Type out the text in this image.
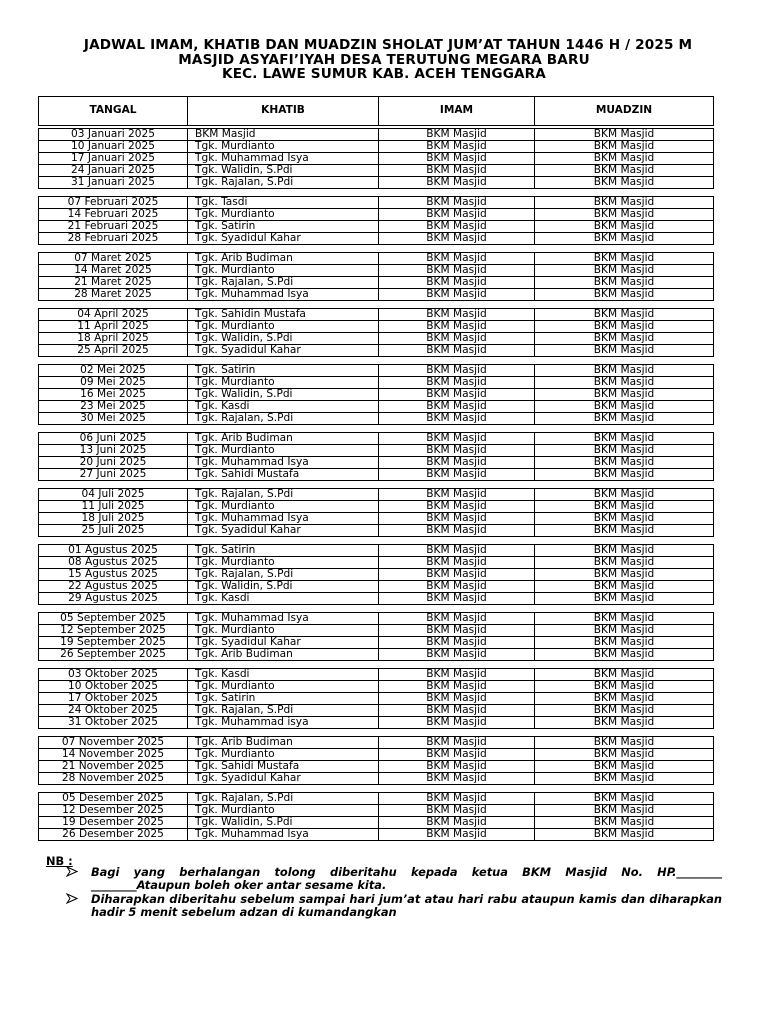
JADWAL IMAM, KHATIB DAN MUADZIN SHOLAT JUM’AT TAHUN 1446 H / 2025 M
MASJID ASYAFI’IYAH DESA TERUTUNG MEGARA BARU
KEC. LAWE SUMUR KAB. ACEH TENGGARA
TANGAL	KHATIB	IMAM	MUADZIN

03 Januari 2025	BKM Masjid	BKM Masjid	BKM Masjid
10 Januari 2025	Tgk. Murdianto	BKM Masjid	BKM Masjid
17 Januari 2025	Tgk. Muhammad Isya	BKM Masjid	BKM Masjid
24 Januari 2025	Tgk. Walidin, S.Pdi	BKM Masjid	BKM Masjid
31 Januari 2025	Tgk. Rajalan, S.Pdi	BKM Masjid	BKM Masjid

07 Februari 2025	Tgk. Tasdi	BKM Masjid	BKM Masjid
14 Februari 2025	Tgk. Murdianto	BKM Masjid	BKM Masjid
21 Februari 2025	Tgk. Satirin	BKM Masjid	BKM Masjid
28 Februari 2025	Tgk. Syadidul Kahar	BKM Masjid	BKM Masjid

07 Maret 2025	Tgk. Arib Budiman	BKM Masjid	BKM Masjid
14 Maret 2025	Tgk. Murdianto	BKM Masjid	BKM Masjid
21 Maret 2025	Tgk. Rajalan, S.Pdi	BKM Masjid	BKM Masjid
28 Maret 2025	Tgk. Muhammad Isya	BKM Masjid	BKM Masjid

04 April 2025	Tgk. Sahidin Mustafa	BKM Masjid	BKM Masjid
11 April 2025	Tgk. Murdianto	BKM Masjid	BKM Masjid
18 April 2025	Tgk. Walidin, S.Pdi	BKM Masjid	BKM Masjid
25 April 2025	Tgk. Syadidul Kahar	BKM Masjid	BKM Masjid

02 Mei 2025	Tgk. Satirin	BKM Masjid	BKM Masjid
09 Mei 2025	Tgk. Murdianto	BKM Masjid	BKM Masjid
16 Mei 2025	Tgk. Walidin, S.Pdi	BKM Masjid	BKM Masjid
23 Mei 2025	Tgk. Kasdi	BKM Masjid	BKM Masjid
30 Mei 2025	Tgk. Rajalan, S.Pdi	BKM Masjid	BKM Masjid

06 Juni 2025	Tgk. Arib Budiman	BKM Masjid	BKM Masjid
13 Juni 2025	Tgk. Murdianto	BKM Masjid	BKM Masjid
20 Juni 2025	Tgk. Muhammad Isya	BKM Masjid	BKM Masjid
27 Juni 2025	Tgk. Sahidi Mustafa	BKM Masjid	BKM Masjid

04 Juli 2025	Tgk. Rajalan, S.Pdi	BKM Masjid	BKM Masjid
11 Juli 2025	Tgk. Murdianto	BKM Masjid	BKM Masjid
18 Juli 2025	Tgk. Muhammad Isya	BKM Masjid	BKM Masjid
25 Juli 2025	Tgk. Syadidul Kahar	BKM Masjid	BKM Masjid

01 Agustus 2025	Tgk. Satirin	BKM Masjid	BKM Masjid
08 Agustus 2025	Tgk. Murdianto	BKM Masjid	BKM Masjid
15 Agustus 2025	Tgk. Rajalan, S.Pdi	BKM Masjid	BKM Masjid
22 Agustus 2025	Tgk. Walidin, S.Pdi	BKM Masjid	BKM Masjid
29 Agustus 2025	Tgk. Kasdi	BKM Masjid	BKM Masjid

05 September 2025	Tgk. Muhammad Isya	BKM Masjid	BKM Masjid
12 September 2025	Tgk. Murdianto	BKM Masjid	BKM Masjid
19 September 2025	Tgk. Syadidul Kahar	BKM Masjid	BKM Masjid
26 September 2025	Tgk. Arib Budiman	BKM Masjid	BKM Masjid

03 Oktober 2025	Tgk. Kasdi	BKM Masjid	BKM Masjid
10 Oktober 2025	Tgk. Murdianto	BKM Masjid	BKM Masjid
17 Oktober 2025	Tgk. Satirin	BKM Masjid	BKM Masjid
24 Oktober 2025	Tgk. Rajalan, S.Pdi	BKM Masjid	BKM Masjid
31 Oktober 2025	Tgk. Muhammad isya	BKM Masjid	BKM Masjid

07 November 2025	Tgk. Arib Budiman	BKM Masjid	BKM Masjid
14 November 2025	Tgk. Murdianto	BKM Masjid	BKM Masjid
21 November 2025	Tgk. Sahidi Mustafa	BKM Masjid	BKM Masjid
28 November 2025	Tgk. Syadidul Kahar	BKM Masjid	BKM Masjid

05 Desember 2025	Tgk. Rajalan, S.Pdi	BKM Masjid	BKM Masjid
12 Desember 2025	Tgk. Murdianto	BKM Masjid	BKM Masjid
19 Desember 2025	Tgk. Walidin, S.Pdi	BKM Masjid	BKM Masjid
26 Desember 2025	Tgk. Muhammad Isya	BKM Masjid	BKM Masjid
NB :
Bagi yang berhalangan tolong diberitahu kepada ketua BKM Masjid No. HP.________ ________Ataupun boleh oker antar sesame kita.
Diharapkan diberitahu sebelum sampai hari jum’at atau hari rabu ataupun kamis dan diharapkan hadir 5 menit sebelum adzan di kumandangkan
